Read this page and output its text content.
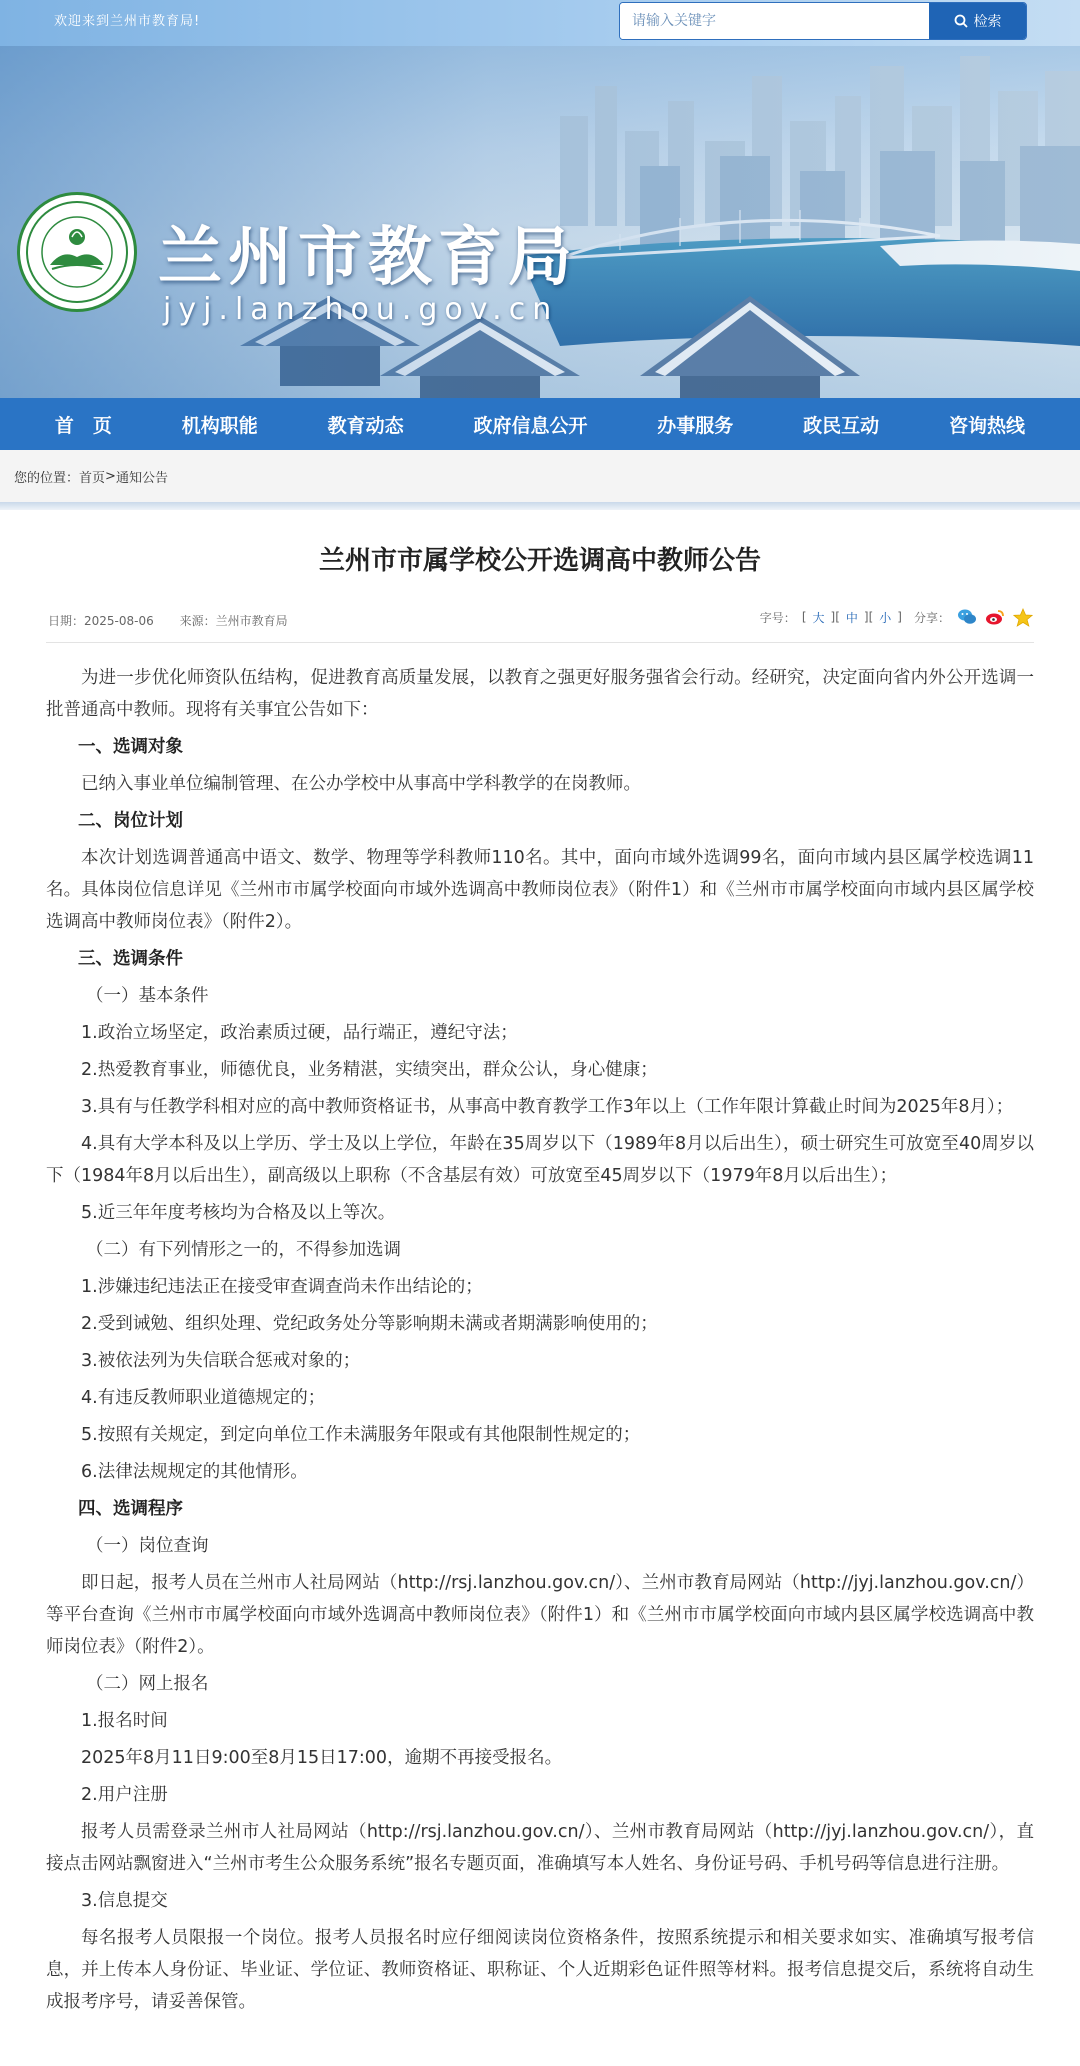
欢迎来到兰州市教育局!
请输入关键字	检索
兰州市教育局
jyj.lanzhou.gov.cn
首　页	机构职能	教育动态	政府信息公开	办事服务	政民互动	咨询热线
您的位置： 首页 > 通知公告
兰州市市属学校公开选调高中教师公告
日期：2025-08-06 来源：兰州市教育局	字号： [ 大 ][ 中 ][ 小 ] 分享：

为进一步优化师资队伍结构，促进教育高质量发展，以教育之强更好服务强省会行动。经研究，决定面向省内外公开选调一批普通高中教师。现将有关事宜公告如下：

一、选调对象

已纳入事业单位编制管理、在公办学校中从事高中学科教学的在岗教师。

二、岗位计划

本次计划选调普通高中语文、数学、物理等学科教师110名。其中，面向市域外选调99名，面向市域内县区属学校选调11名。具体岗位信息详见《兰州市市属学校面向市域外选调高中教师岗位表》（附件1）和《兰州市市属学校面向市域内县区属学校选调高中教师岗位表》（附件2）。

三、选调条件

（一）基本条件

1.政治立场坚定，政治素质过硬，品行端正，遵纪守法；

2.热爱教育事业，师德优良，业务精湛，实绩突出，群众公认，身心健康；

3.具有与任教学科相对应的高中教师资格证书，从事高中教育教学工作3年以上（工作年限计算截止时间为2025年8月）；

4.具有大学本科及以上学历、学士及以上学位，年龄在35周岁以下（1989年8月以后出生），硕士研究生可放宽至40周岁以下（1984年8月以后出生），副高级以上职称（不含基层有效）可放宽至45周岁以下（1979年8月以后出生）；

5.近三年年度考核均为合格及以上等次。

（二）有下列情形之一的，不得参加选调

1.涉嫌违纪违法正在接受审查调查尚未作出结论的；

2.受到诫勉、组织处理、党纪政务处分等影响期未满或者期满影响使用的；

3.被依法列为失信联合惩戒对象的；

4.有违反教师职业道德规定的；

5.按照有关规定，到定向单位工作未满服务年限或有其他限制性规定的；

6.法律法规规定的其他情形。

四、选调程序

（一）岗位查询

即日起，报考人员在兰州市人社局网站（http://rsj.lanzhou.gov.cn/）、兰州市教育局网站（http://jyj.lanzhou.gov.cn/）等平台查询《兰州市市属学校面向市域外选调高中教师岗位表》（附件1）和《兰州市市属学校面向市域内县区属学校选调高中教师岗位表》（附件2）。

（二）网上报名

1.报名时间

2025年8月11日9:00至8月15日17:00，逾期不再接受报名。

2.用户注册

报考人员需登录兰州市人社局网站（http://rsj.lanzhou.gov.cn/）、兰州市教育局网站（http://jyj.lanzhou.gov.cn/），直接点击网站飘窗进入“兰州市考生公众服务系统”报名专题页面，准确填写本人姓名、身份证号码、手机号码等信息进行注册。

3.信息提交

每名报考人员限报一个岗位。报考人员报名时应仔细阅读岗位资格条件，按照系统提示和相关要求如实、准确填写报考信息，并上传本人身份证、毕业证、学位证、教师资格证、职称证、个人近期彩色证件照等材料。报考信息提交后，系统将自动生成报考序号，请妥善保管。
